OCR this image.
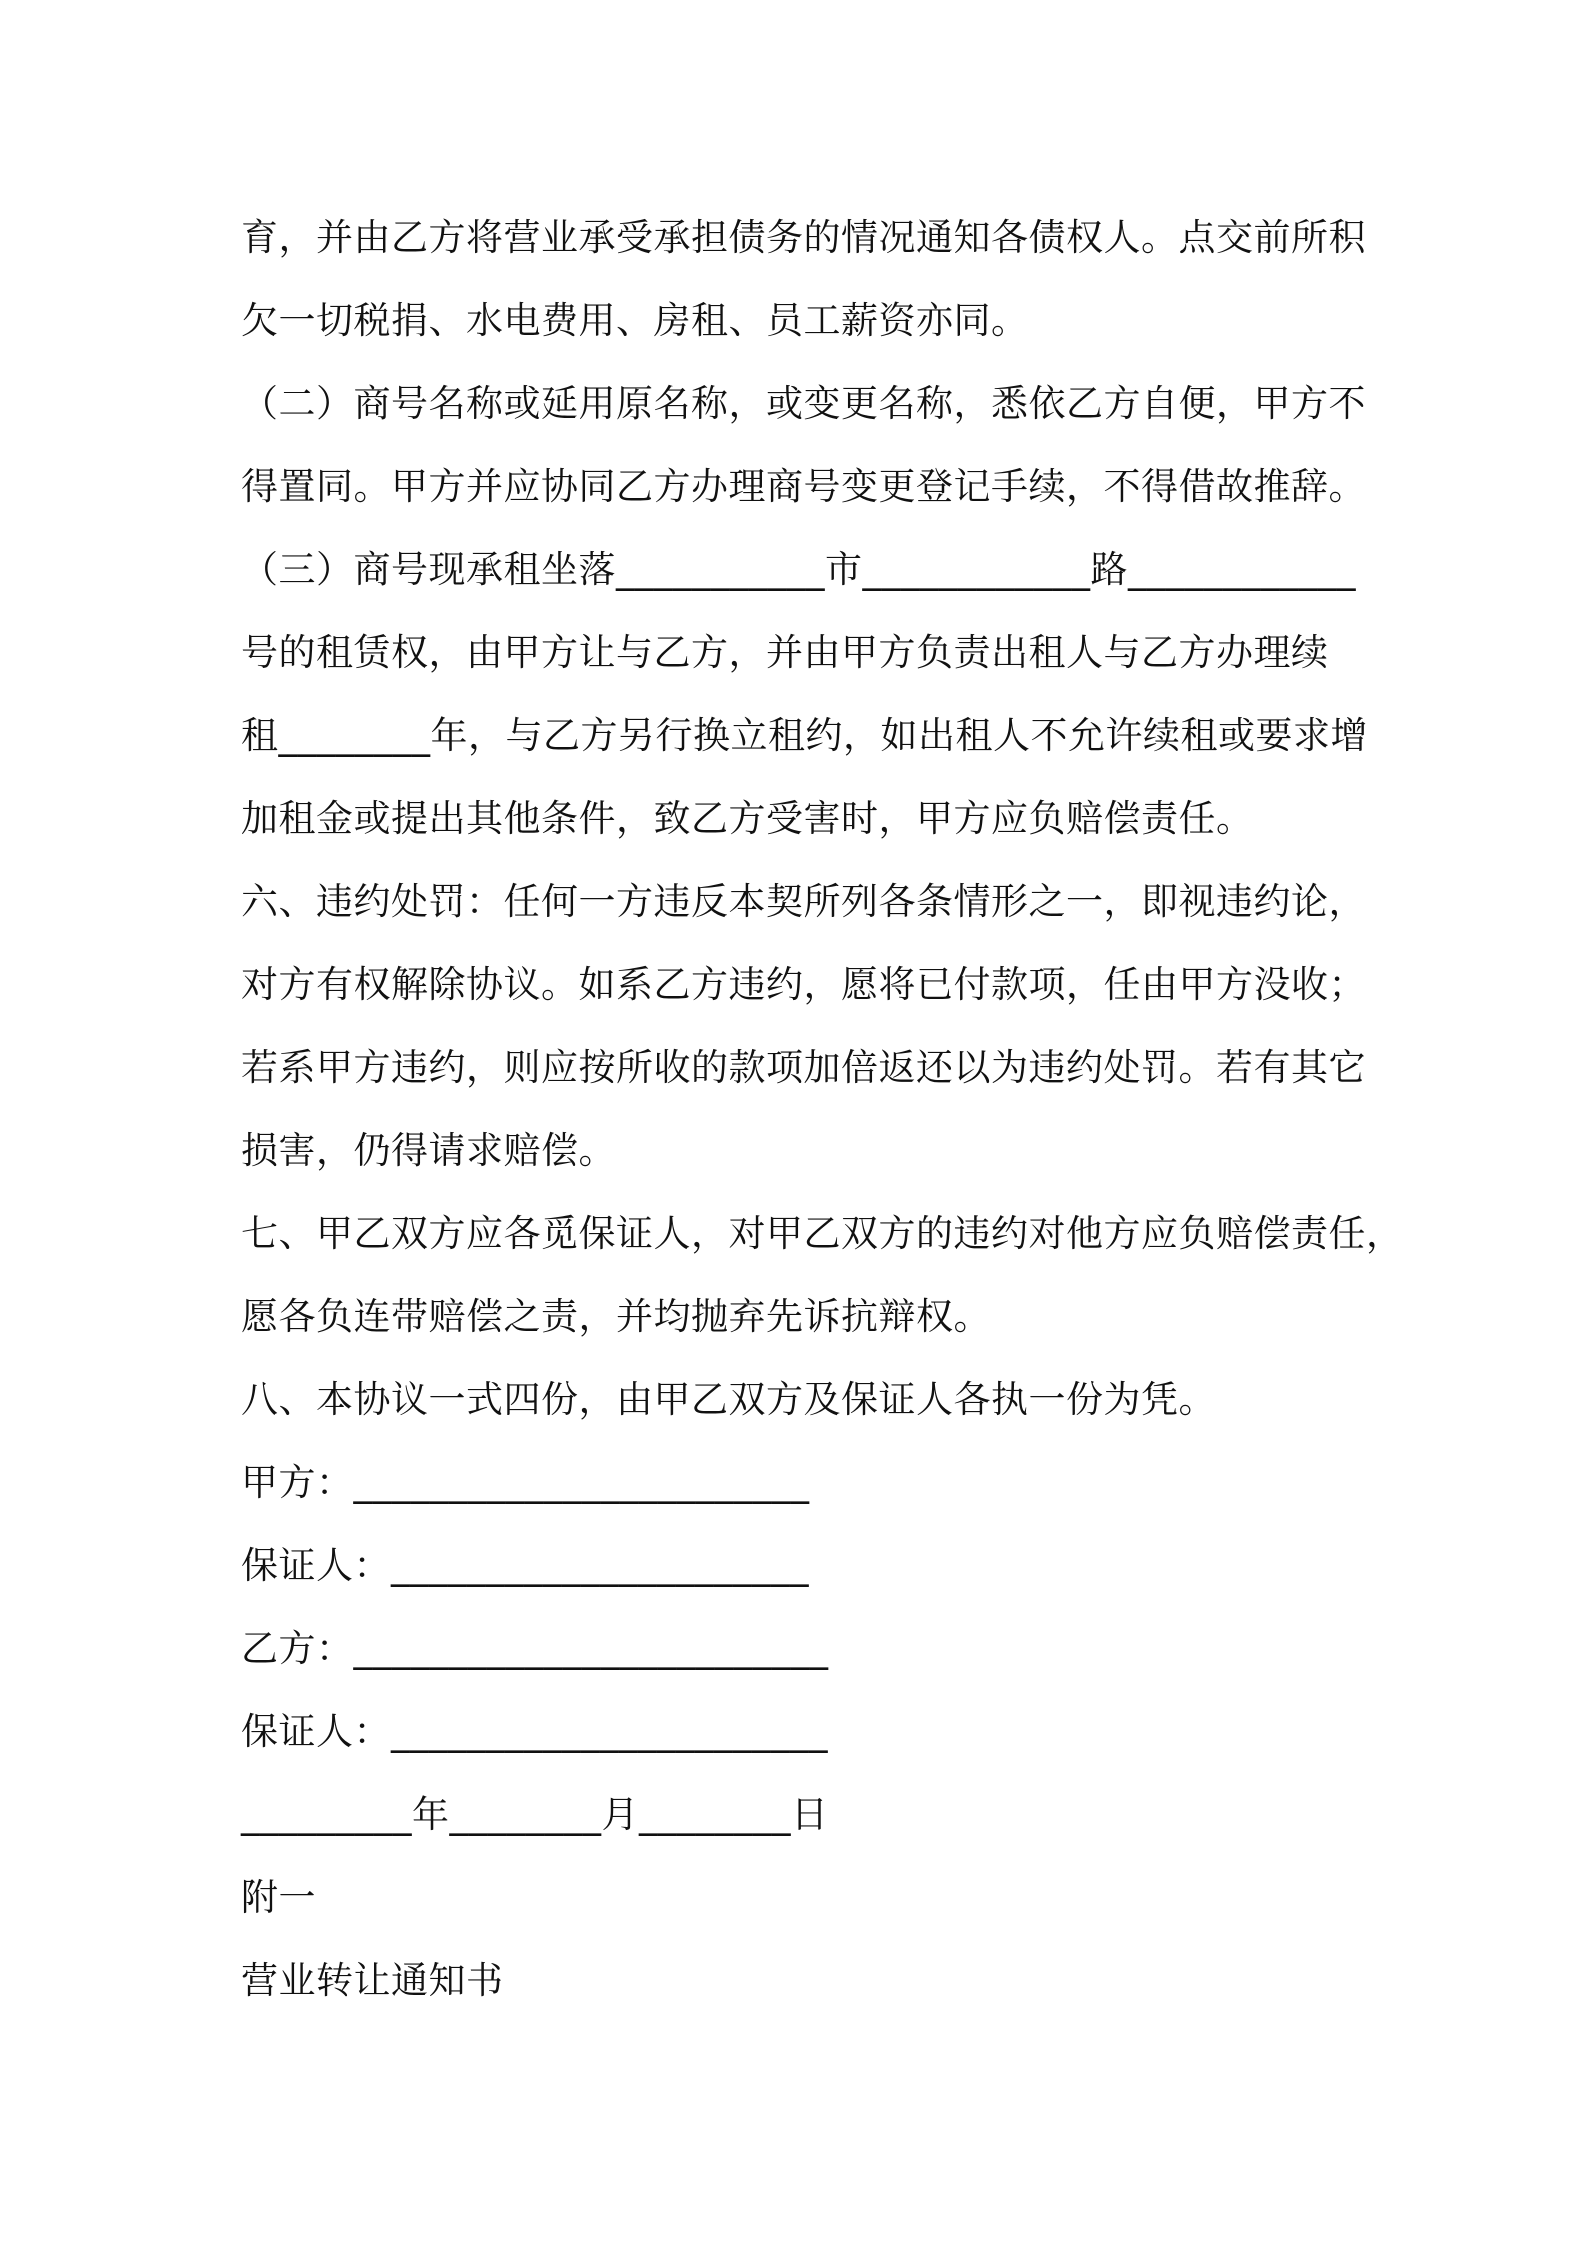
育，并由乙方将营业承受承担债务的情况通知各债权人。点交前所积
欠一切税捐、水电费用、房租、员工薪资亦同。
（二）商号名称或延用原名称，或变更名称，悉依乙方自便，甲方不
得置同。甲方并应协同乙方办理商号变更登记手续，不得借故推辞。
（三）商号现承租坐落___________市____________路____________
号的租赁权，由甲方让与乙方，并由甲方负责出租人与乙方办理续
租________年，与乙方另行换立租约，如出租人不允许续租或要求增
加租金或提出其他条件，致乙方受害时，甲方应负赔偿责任。
六、违约处罚：任何一方违反本契所列各条情形之一，即视违约论，
对方有权解除协议。如系乙方违约，愿将已付款项，任由甲方没收；
若系甲方违约，则应按所收的款项加倍返还以为违约处罚。若有其它
损害，仍得请求赔偿。
七、甲乙双方应各觅保证人，对甲乙双方的违约对他方应负赔偿责任，
愿各负连带赔偿之责，并均抛弃先诉抗辩权。
八、本协议一式四份，由甲乙双方及保证人各执一份为凭。
甲方：________________________
保证人：______________________
乙方：_________________________
保证人：_______________________
_________年________月________日
附一
营业转让通知书
